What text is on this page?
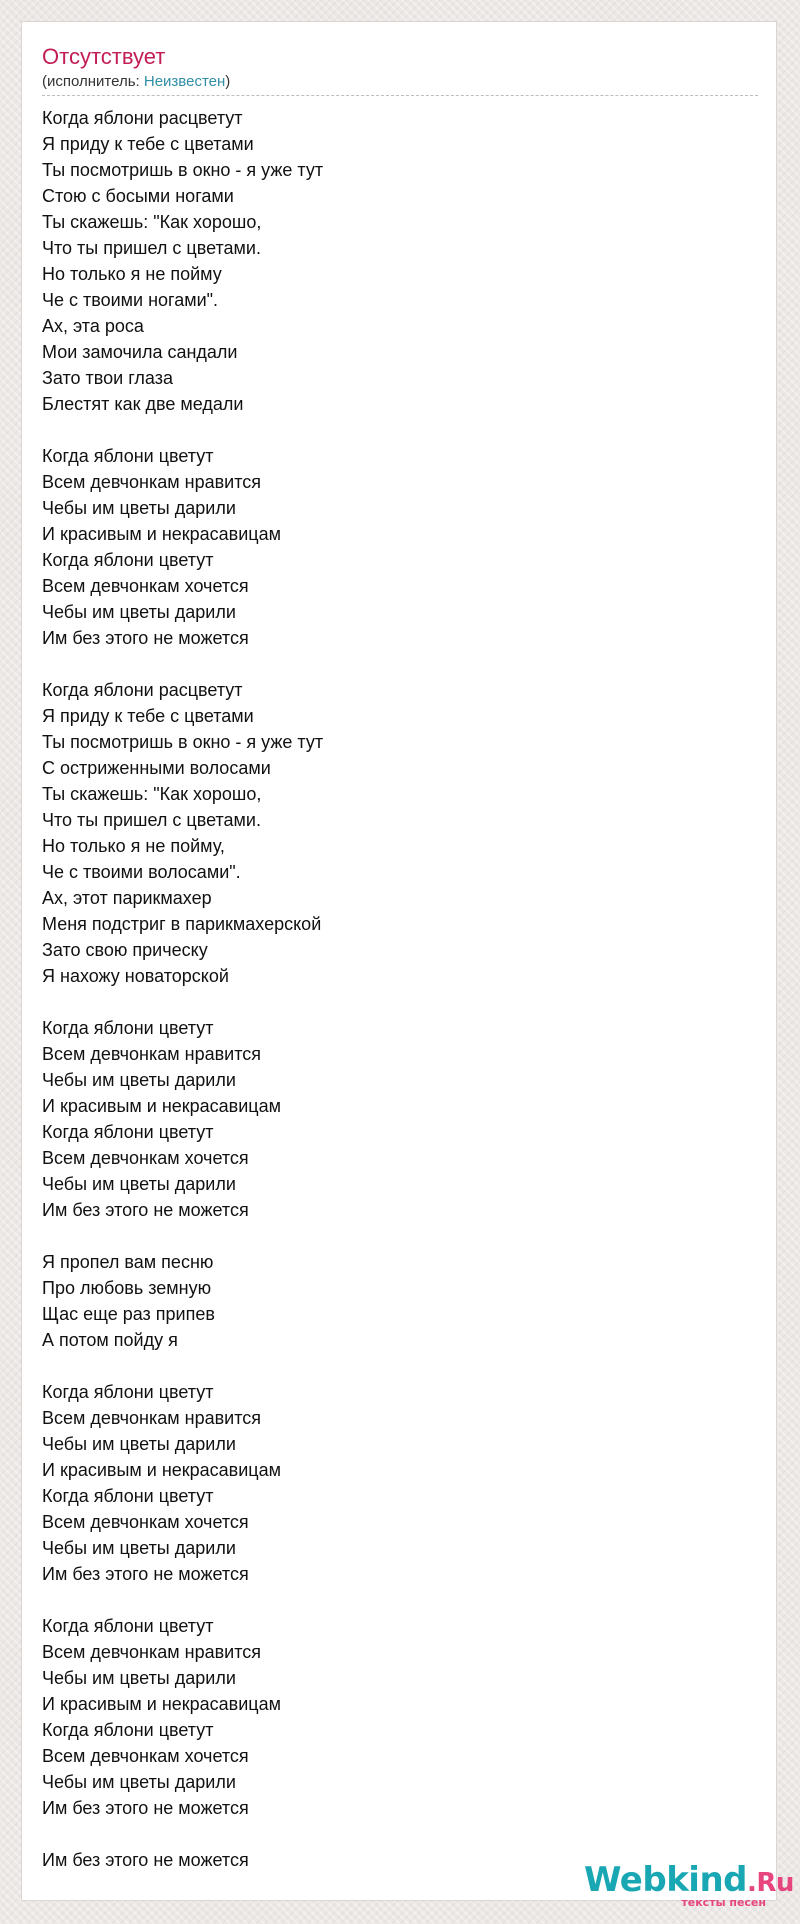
Отсутствует
(исполнитель: Неизвестен)
Когда яблони расцветут
Я приду к тебе с цветами
Ты посмотришь в окно - я уже тут
Стою с босыми ногами
Ты скажешь: "Как хорошо,
Что ты пришел с цветами.
Но только я не пойму
Че с твоими ногами".
Ах, эта роса
Мои замочила сандали
Зато твои глаза
Блестят как две медали
Когда яблони цветут
Всем девчонкам нравится
Чебы им цветы дарили
И красивым и некрасавицам
Когда яблони цветут
Всем девчонкам хочется
Чебы им цветы дарили
Им без этого не можется
Когда яблони расцветут
Я приду к тебе с цветами
Ты посмотришь в окно - я уже тут
С остриженными волосами
Ты скажешь: "Как хорошо,
Что ты пришел с цветами.
Но только я не пойму,
Че с твоими волосами".
Ах, этот парикмахер
Меня подстриг в парикмахерской
Зато свою прическу
Я нахожу новаторской
Когда яблони цветут
Всем девчонкам нравится
Чебы им цветы дарили
И красивым и некрасавицам
Когда яблони цветут
Всем девчонкам хочется
Чебы им цветы дарили
Им без этого не можется
Я пропел вам песню
Про любовь земную
Щас еще раз припев
А потом пойду я
Когда яблони цветут
Всем девчонкам нравится
Чебы им цветы дарили
И красивым и некрасавицам
Когда яблони цветут
Всем девчонкам хочется
Чебы им цветы дарили
Им без этого не можется
Когда яблони цветут
Всем девчонкам нравится
Чебы им цветы дарили
И красивым и некрасавицам
Когда яблони цветут
Всем девчонкам хочется
Чебы им цветы дарили
Им без этого не можется
Им без этого не можется	Webkind.Ru
тексты песен
